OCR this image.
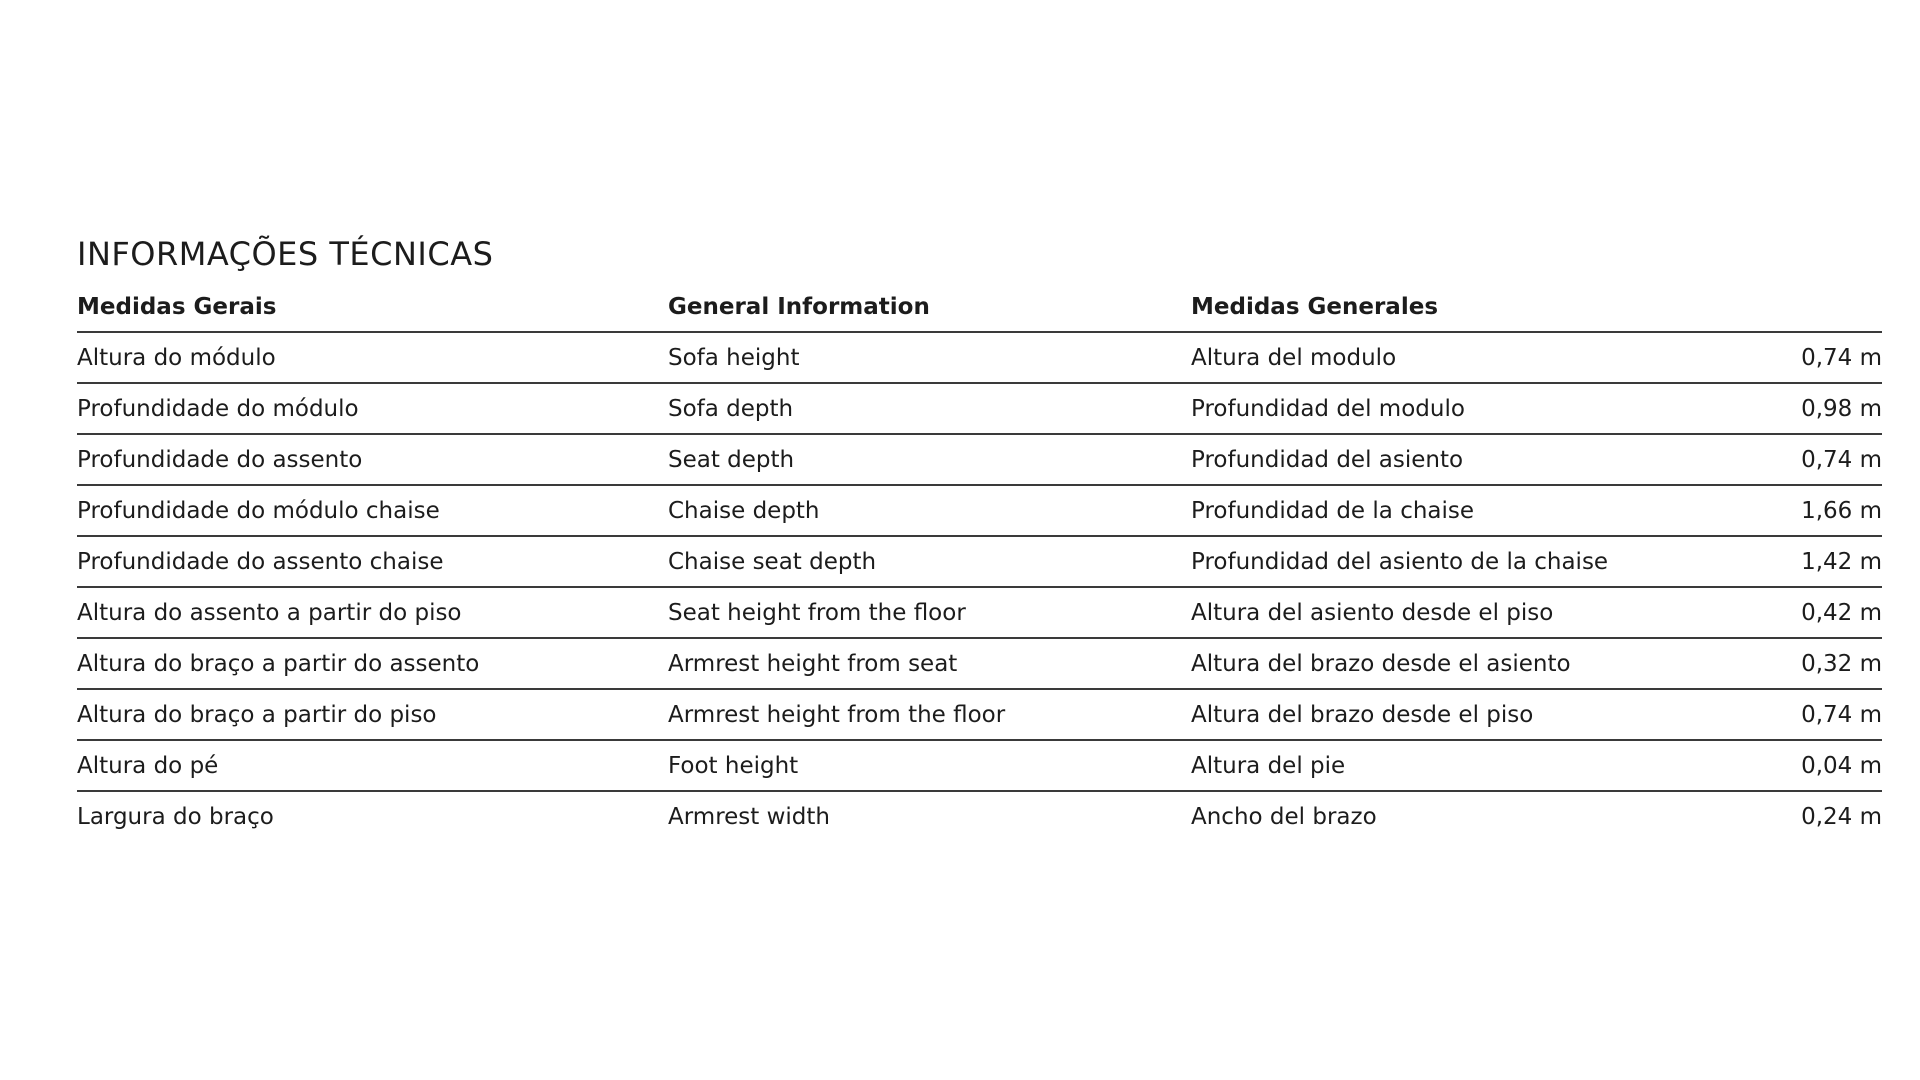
INFORMAÇÕES TÉCNICAS
Medidas Gerais	General Information	Medidas Generales
Altura do módulo	Sofa height	Altura del modulo	0,74 m
Profundidade do módulo	Sofa depth	Profundidad del modulo	0,98 m
Profundidade do assento	Seat depth	Profundidad del asiento	0,74 m
Profundidade do módulo chaise	Chaise depth	Profundidad de la chaise	1,66 m
Profundidade do assento chaise	Chaise seat depth	Profundidad del asiento de la chaise	1,42 m
Altura do assento a partir do piso	Seat height from the floor	Altura del asiento desde el piso	0,42 m
Altura do braço a partir do assento	Armrest height from seat	Altura del brazo desde el asiento	0,32 m
Altura do braço a partir do piso	Armrest height from the floor	Altura del brazo desde el piso	0,74 m
Altura do pé	Foot height	Altura del pie	0,04 m
Largura do braço	Armrest width	Ancho del brazo	0,24 m
